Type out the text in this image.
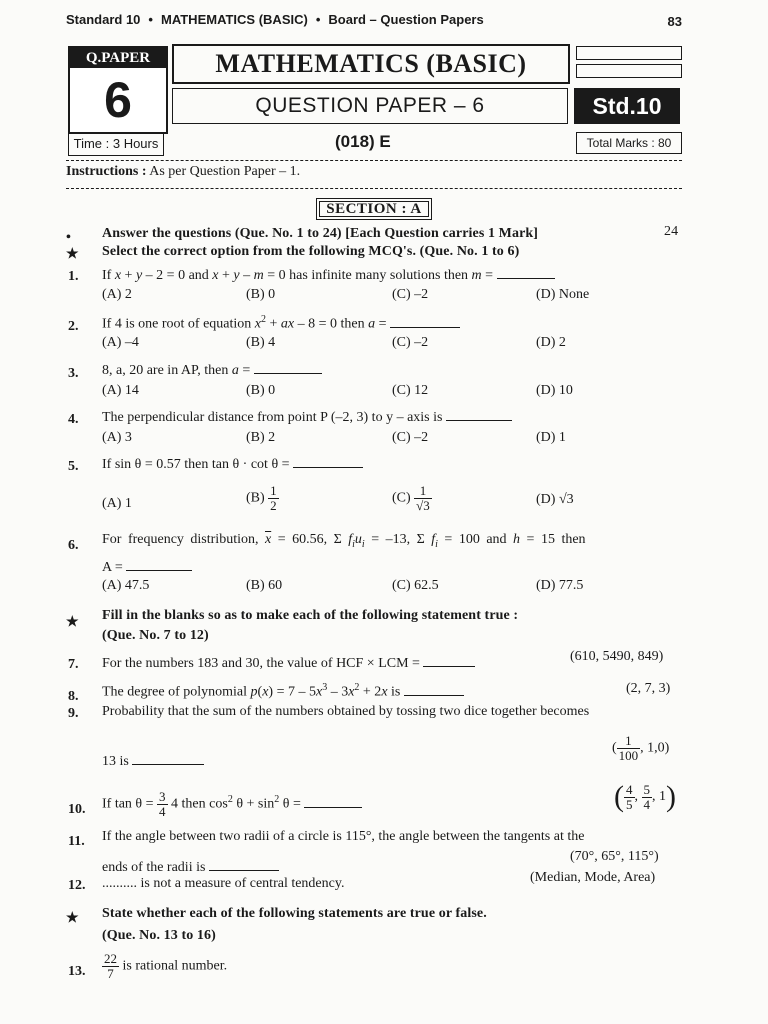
Standard 10 • MATHEMATICS (BASIC) • Board – Question Papers	83
Q.PAPER
6
MATHEMATICS (BASIC)
QUESTION PAPER – 6	Std.10
Time : 3 Hours	(018) E	Total Marks : 80
Instructions : As per Question Paper – 1.
SECTION : A
• Answer the questions (Que. No. 1 to 24) [Each Question carries 1 Mark]	24
★ Select the correct option from the following MCQ's. (Que. No. 1 to 6)
1. If x + y – 2 = 0 and x + y – m = 0 has infinite many solutions then m =
(A) 2	(B) 0	(C) –2	(D) None
2. If 4 is one root of equation $x^2$ + ax – 8 = 0 then a =
(A) –4	(B) 4	(C) –2	(D) 2
3. 8, a, 20 are in AP, then a =
(A) 14	(B) 0	(C) 12	(D) 10
4. The perpendicular distance from point P (–2, 3) to y – axis is
(A) 3	(B) 2	(C) –2	(D) 1
5. If sin θ = 0.57 then tan θ · cot θ =
(A) 1	$(B) \frac{1}{2}$	$(C) \frac{1}{√3}$	(D) √3
6. For frequency distribution, $\overline{x} = 60.56$, Σ $f_iu_i = -13$, Σ $f_i = 100$ and h = 15 then
A =
(A) 47.5	(B) 60	(C) 62.5	(D) 77.5
★ Fill in the blanks so as to make each of the following statement true :
(Que. No. 7 to 12)
7. For the numbers 183 and 30, the value of HCF × LCM =	(610, 5490, 849)
8. The degree of polynomial $p(x) = 7 - 5x^3 - 3x^2 + 2x$ is	(2, 7, 3)
9. Probability that the sum of the numbers obtained by tossing two dice together becomes
13 is
( $\frac{1}{100}$ , 1,0)
10. If $\tan \theta = \frac{3}{4} 4$ then $\cos^2 \theta + \sin^2 \theta$ =	( $\frac{4}{5}$ , $\frac{5}{4}$ , 1)
11. If the angle between two radii of a circle is 115°, the angle between the tangents at the
ends of the radii is
(70°, 65°, 115°)
12. .......... is not a measure of central tendency.	(Median, Mode, Area)
★ State whether each of the following statements are true or false.
(Que. No. 13 to 16)
13. $\frac{22}{7}$ is rational number.
